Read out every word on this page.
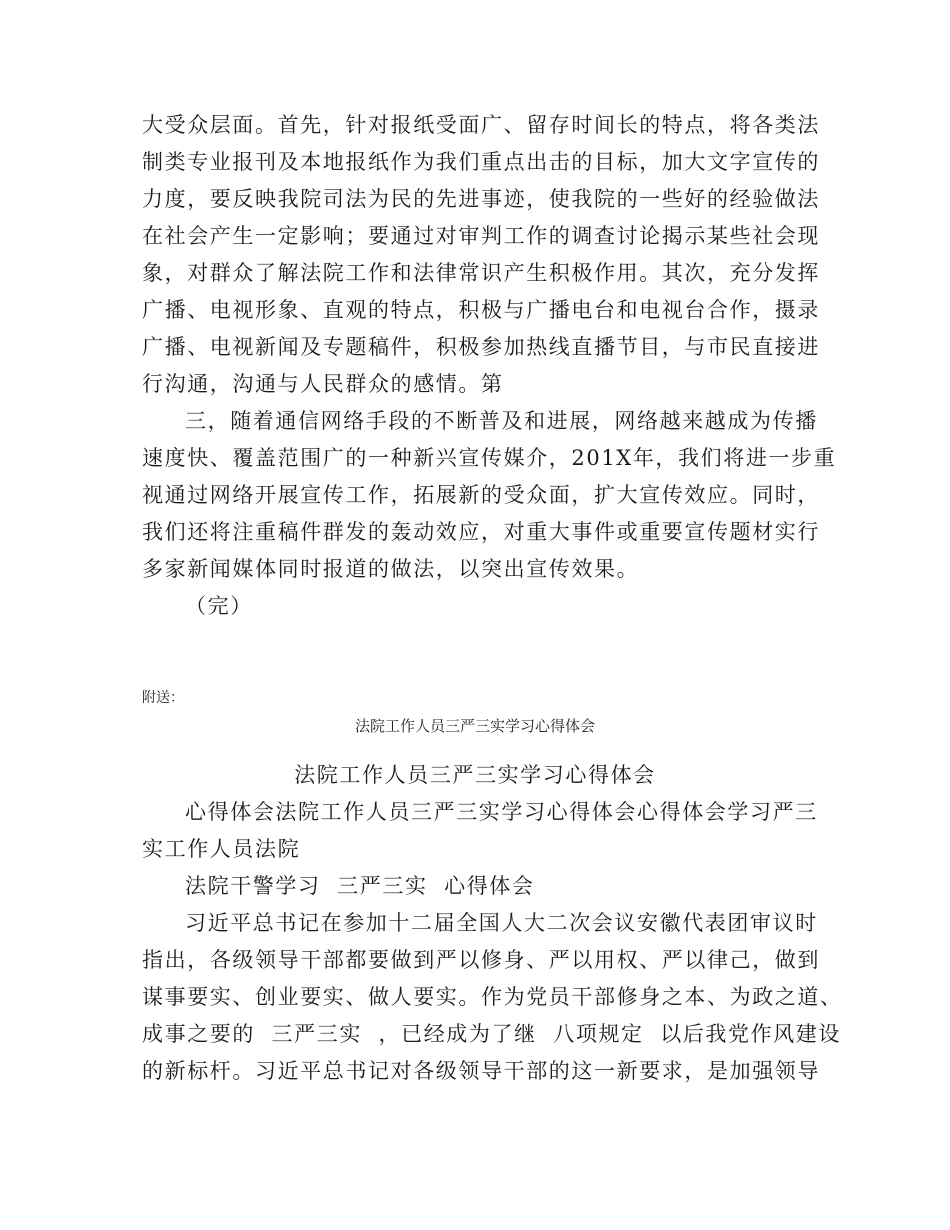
大受众层面。首先，针对报纸受面广、留存时间长的特点，将各类法
制类专业报刊及本地报纸作为我们重点出击的目标，加大文字宣传的
力度，要反映我院司法为民的先进事迹，使我院的一些好的经验做法
在社会产生一定影响；要通过对审判工作的调查讨论揭示某些社会现
象，对群众了解法院工作和法律常识产生积极作用。其次，充分发挥
广播、电视形象、直观的特点，积极与广播电台和电视台合作，摄录
广播、电视新闻及专题稿件，积极参加热线直播节目，与市民直接进
行沟通，沟通与人民群众的感情。第
三，随着通信网络手段的不断普及和进展，网络越来越成为传播
速度快、覆盖范围广的一种新兴宣传媒介，201X年，我们将进一步重
视通过网络开展宣传工作，拓展新的受众面，扩大宣传效应。同时，
我们还将注重稿件群发的轰动效应，对重大事件或重要宣传题材实行
多家新闻媒体同时报道的做法，以突出宣传效果。
（完）
附送：
法院工作人员三严三实学习心得体会
法院工作人员三严三实学习心得体会
心得体会法院工作人员三严三实学习心得体会心得体会学习严三
实工作人员法院
法院干警学习  三严三实  心得体会
习近平总书记在参加十二届全国人大二次会议安徽代表团审议时
指出，各级领导干部都要做到严以修身、严以用权、严以律己，做到
谋事要实、创业要实、做人要实。作为党员干部修身之本、为政之道、
成事之要的  三严三实  ，已经成为了继  八项规定  以后我党作风建设
的新标杆。习近平总书记对各级领导干部的这一新要求，是加强领导
